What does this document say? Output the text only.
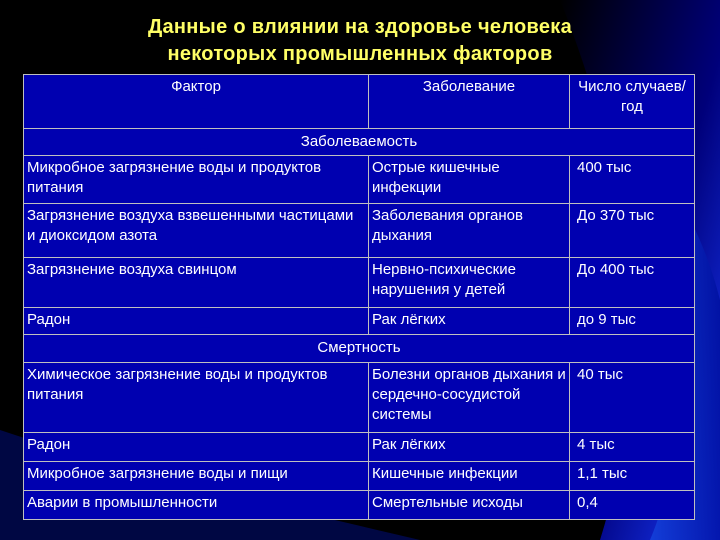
Данные о влиянии на здоровье человека
некоторых промышленных факторов
Фактор	Заболевание	Число случаев/год
Заболеваемость		
Микробное загрязнение воды и продуктов питания	Острые кишечные инфекции	400 тыс
Загрязнение воздуха взвешенными частицами и диоксидом азота	Заболевания органов дыхания	До 370 тыс
Загрязнение воздуха свинцом	Нервно-психические нарушения у детей	До 400 тыс
Радон	Рак лёгких	до 9 тыс
Смертность		
Химическое загрязнение воды и продуктов питания	Болезни органов дыхания и сердечно-сосудистой системы	40 тыс
Радон	Рак лёгких	4 тыс
Микробное загрязнение воды и пищи	Кишечные инфекции	1,1 тыс
Аварии в промышленности	Смертельные исходы	0,4
